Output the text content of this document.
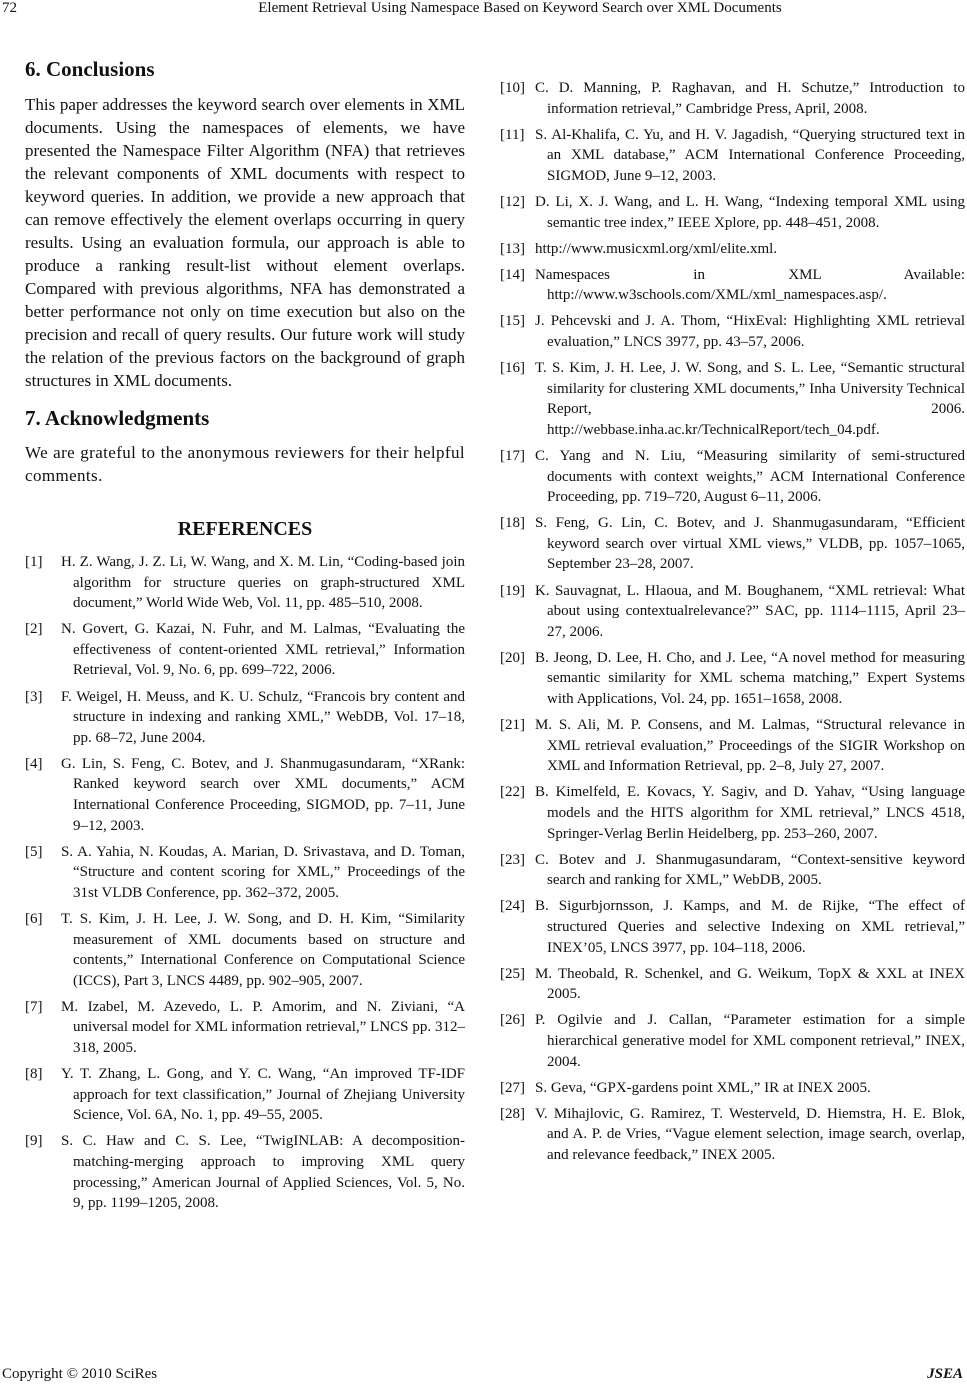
72	Element Retrieval Using Namespace Based on Keyword Search over XML Documents
6. Conclusions

This paper addresses the keyword search over elements in XML documents. Using the namespaces of elements, we have presented the Namespace Filter Algorithm (NFA) that retrieves the relevant components of XML documents with respect to keyword queries. In addition, we provide a new approach that can remove effectively the element overlaps occurring in query results. Using an evaluation formula, our approach is able to produce a ranking result-list without element overlaps. Compared with previous algorithms, NFA has demonstrated a better performance not only on time execution but also on the precision and recall of query results. Our future work will study the relation of the previous factors on the background of graph structures in XML documents.

7. Acknowledgments

We are grateful to the anonymous reviewers for their helpful comments.

REFERENCES
[1]	H. Z. Wang, J. Z. Li, W. Wang, and X. M. Lin, “Coding-based join algorithm for structure queries on graph-structured XML document,” World Wide Web, Vol. 11, pp. 485–510, 2008.
[2]	N. Govert, G. Kazai, N. Fuhr, and M. Lalmas, “Evaluating the effectiveness of content-oriented XML retrieval,” Information Retrieval, Vol. 9, No. 6, pp. 699–722, 2006.
[3]	F. Weigel, H. Meuss, and K. U. Schulz, “Francois bry content and structure in indexing and ranking XML,” WebDB, Vol. 17–18, pp. 68–72, June 2004.
[4]	G. Lin, S. Feng, C. Botev, and J. Shanmugasundaram, “XRank: Ranked keyword search over XML documents,” ACM International Conference Proceeding, SIGMOD, pp. 7–11, June 9–12, 2003.
[5]	S. A. Yahia, N. Koudas, A. Marian, D. Srivastava, and D. Toman, “Structure and content scoring for XML,” Proceedings of the 31st VLDB Conference, pp. 362–372, 2005.
[6]	T. S. Kim, J. H. Lee, J. W. Song, and D. H. Kim, “Similarity measurement of XML documents based on structure and contents,” International Conference on Computational Science (ICCS), Part 3, LNCS 4489, pp. 902–905, 2007.
[7]	M. Izabel, M. Azevedo, L. P. Amorim, and N. Ziviani, “A universal model for XML information retrieval,” LNCS pp. 312–318, 2005.
[8]	Y. T. Zhang, L. Gong, and Y. C. Wang, “An improved TF-IDF approach for text classification,” Journal of Zhejiang University Science, Vol. 6A, No. 1, pp. 49–55, 2005.
[9]	S. C. Haw and C. S. Lee, “TwigINLAB: A decomposition-matching-merging approach to improving XML query processing,” American Journal of Applied Sciences, Vol. 5, No. 9, pp. 1199–1205, 2008.
[10] C. D. Manning, P. Raghavan, and H. Schutze,” Introduction to information retrieval,” Cambridge Press, April, 2008.
[11] S. Al-Khalifa, C. Yu, and H. V. Jagadish, “Querying structured text in an XML database,” ACM International Conference Proceeding, SIGMOD, June 9–12, 2003.
[12] D. Li, X. J. Wang, and L. H. Wang, “Indexing temporal XML using semantic tree index,” IEEE Xplore, pp. 448–451, 2008.
[13] http://www.musicxml.org/xml/elite.xml.
[14] Namespaces in XML Available: http://www.w3schools.com/XML/xml_namespaces.asp/.
[15] J. Pehcevski and J. A. Thom, “HixEval: Highlighting XML retrieval evaluation,” LNCS 3977, pp. 43–57, 2006.
[16] T. S. Kim, J. H. Lee, J. W. Song, and S. L. Lee, “Semantic structural similarity for clustering XML documents,” Inha University Technical Report, 2006. http://webbase.inha.ac.kr/TechnicalReport/tech_04.pdf.
[17] C. Yang and N. Liu, “Measuring similarity of semi-structured documents with context weights,” ACM International Conference Proceeding, pp. 719–720, August 6–11, 2006.
[18] S. Feng, G. Lin, C. Botev, and J. Shanmugasundaram, “Efficient keyword search over virtual XML views,” VLDB, pp. 1057–1065, September 23–28, 2007.
[19] K. Sauvagnat, L. Hlaoua, and M. Boughanem, “XML retrieval: What about using contextualrelevance?” SAC, pp. 1114–1115, April 23–27, 2006.
[20] B. Jeong, D. Lee, H. Cho, and J. Lee, “A novel method for measuring semantic similarity for XML schema matching,” Expert Systems with Applications, Vol. 24, pp. 1651–1658, 2008.
[21] M. S. Ali, M. P. Consens, and M. Lalmas, “Structural relevance in XML retrieval evaluation,” Proceedings of the SIGIR Workshop on XML and Information Retrieval, pp. 2–8, July 27, 2007.
[22] B. Kimelfeld, E. Kovacs, Y. Sagiv, and D. Yahav, “Using language models and the HITS algorithm for XML retrieval,” LNCS 4518, Springer-Verlag Berlin Heidelberg, pp. 253–260, 2007.
[23] C. Botev and J. Shanmugasundaram, “Context-sensitive keyword search and ranking for XML,” WebDB, 2005.
[24] B. Sigurbjornsson, J. Kamps, and M. de Rijke, “The effect of structured Queries and selective Indexing on XML retrieval,” INEX’05, LNCS 3977, pp. 104–118, 2006.
[25] M. Theobald, R. Schenkel, and G. Weikum, TopX & XXL at INEX 2005.
[26] P. Ogilvie and J. Callan, “Parameter estimation for a simple hierarchical generative model for XML component retrieval,” INEX, 2004.
[27] S. Geva, “GPX-gardens point XML,” IR at INEX 2005.
[28] V. Mihajlovic, G. Ramirez, T. Westerveld, D. Hiemstra, H. E. Blok, and A. P. de Vries, “Vague element selection, image search, overlap, and relevance feedback,” INEX 2005.
Copyright © 2010 SciRes	JSEA
